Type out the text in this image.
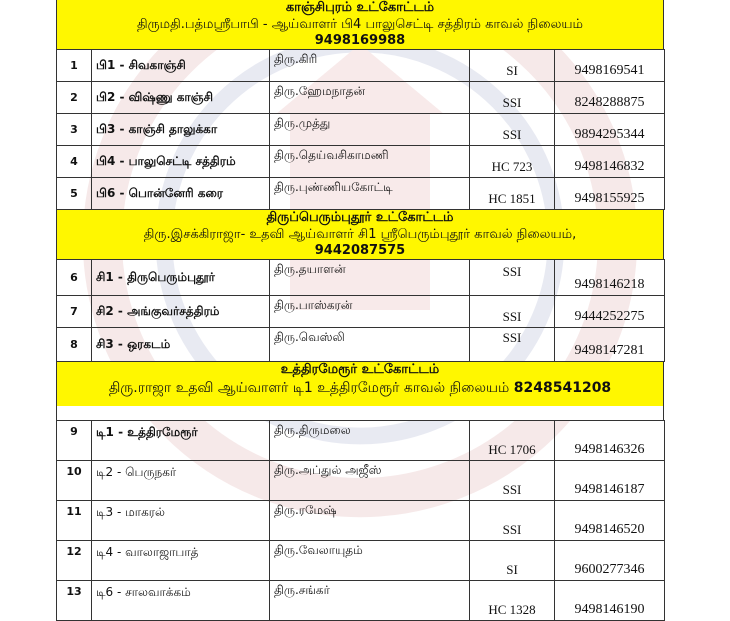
காஞ்சிபுரம் உட்கோட்டம்
திருமதி.பத்மஸ்ரீபாபி - ஆய்வாளர் பி4 பாலுசெட்டி சத்திரம் காவல் நிலையம்
9498169988
1	பி1 - சிவகாஞ்சி	திரு.கிரி	SI	9498169541
2	பி2 - விஷ்ணு காஞ்சி	திரு.ஹேமநாதன்	SSI	8248288875
3	பி3 - காஞ்சி தாலுக்கா	திரு.முத்து	SSI	9894295344
4	பி4 - பாலுசெட்டி சத்திரம்	திரு.தெய்வசிகாமணி	HC 723	9498146832
5	பி6 - பொன்னேரி கரை	திரு.புண்ணியகோட்டி	HC 1851	9498155925
திருப்பெரும்புதூர் உட்கோட்டம்
திரு.இசக்கிராஜா- உதவி ஆய்வாளர் சி1 ஸ்ரீபெரும்புதூர் காவல் நிலையம்,
9442087575
6	சி1 - திருபெரும்புதூர்	திரு.தயாளன்	SSI	9498146218
7	சி2 - அங்குவர்சத்திரம்	திரு.பாஸ்கரன்	SSI	9444252275
8	சி3 - ஒரகடம்	திரு.வெஸ்லி	SSI	9498147281
உத்திரமேரூர் உட்கோட்டம்
திரு.ராஜா உதவி ஆய்வாளர் டி1 உத்திரமேரூர் காவல் நிலையம் 8248541208
9	டி1 - உத்திரமேரூர்	திரு.திருமலை	HC 1706	9498146326
10	டி2 - பெருநகர்	திரு.அப்துல் அஜீஸ்	SSI	9498146187
11	டி3 - மாகரல்	திரு.ரமேஷ்	SSI	9498146520
12	டி4 - வாலாஜாபாத்	திரு.வேலாயுதம்	SI	9600277346
13	டி6 - சாலவாக்கம்	திரு.சங்கர்	HC 1328	9498146190
